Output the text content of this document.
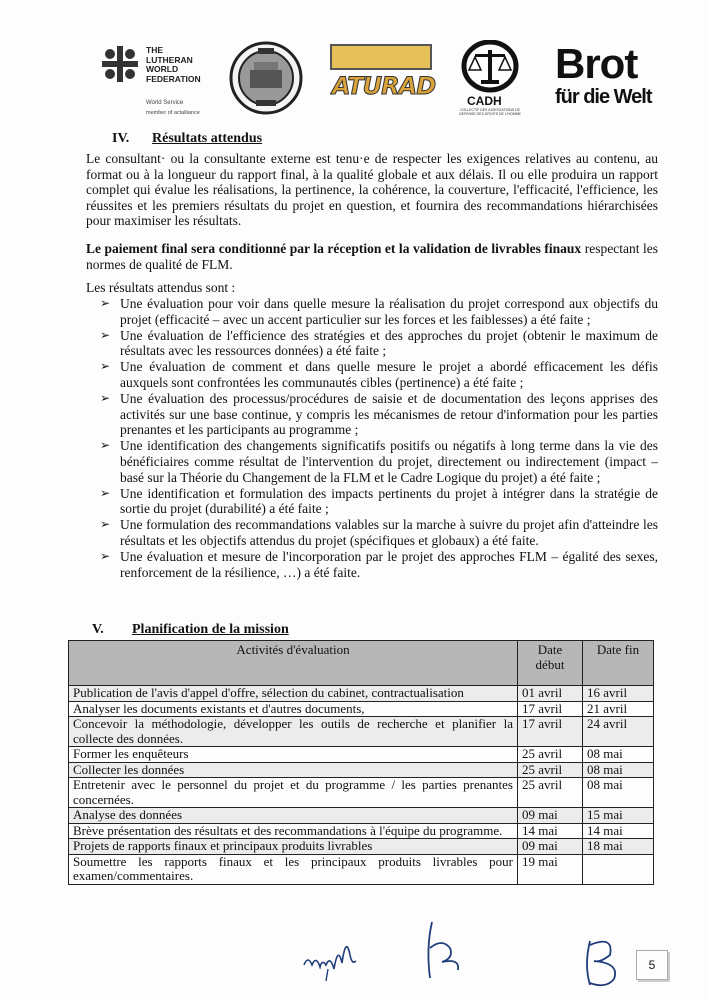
THE
LUTHERAN
WORLD
FEDERATION
World Service
member of actalliance
ATURAD
CADH
COLLECTIF DES ASSOCIATIONS DE DEFENSE DES DROITS DE L'HOMME
Brot
für die Welt
IV. Résultats attendus
Le consultant· ou la consultante externe est tenu·e de respecter les exigences relatives au contenu, au format ou à la longueur du rapport final, à la qualité globale et aux délais. Il ou elle produira un rapport complet qui évalue les réalisations, la pertinence, la cohérence, la couverture, l'efficacité, l'efficience, les réussites et les premiers résultats du projet en question, et fournira des recommandations hiérarchisées pour maximiser les résultats.
Le paiement final sera conditionné par la réception et la validation de livrables finaux respectant les normes de qualité de FLM.
Les résultats attendus sont :
➢ Une évaluation pour voir dans quelle mesure la réalisation du projet correspond aux objectifs du projet (efficacité – avec un accent particulier sur les forces et les faiblesses) a été faite ;
➢ Une évaluation de l'efficience des stratégies et des approches du projet (obtenir le maximum de résultats avec les ressources données) a été faite ;
➢ Une évaluation de comment et dans quelle mesure le projet a abordé efficacement les défis auxquels sont confrontées les communautés cibles (pertinence) a été faite ;
➢ Une évaluation des processus/procédures de saisie et de documentation des leçons apprises des activités sur une base continue, y compris les mécanismes de retour d'information pour les parties prenantes et les participants au programme ;
➢ Une identification des changements significatifs positifs ou négatifs à long terme dans la vie des bénéficiaires comme résultat de l'intervention du projet, directement ou indirectement (impact – basé sur la Théorie du Changement de la FLM et le Cadre Logique du projet) a été faite ;
➢ Une identification et formulation des impacts pertinents du projet à intégrer dans la stratégie de sortie du projet (durabilité) a été faite ;
➢ Une formulation des recommandations valables sur la marche à suivre du projet afin d'atteindre les résultats et les objectifs attendus du projet (spécifiques et globaux) a été faite.
➢ Une évaluation et mesure de l'incorporation par le projet des approches FLM – égalité des sexes, renforcement de la résilience, …) a été faite.
V. Planification de la mission
Activités d'évaluation	Date début	Date fin
Publication de l'avis d'appel d'offre, sélection du cabinet, contractualisation	01 avril	16 avril
Analyser les documents existants et d'autres documents,	17 avril	21 avril
Concevoir la méthodologie, développer les outils de recherche et planifier la collecte des données.	17 avril	24 avril
Former les enquêteurs	25 avril	08 mai
Collecter les données	25 avril	08 mai
Entretenir avec le personnel du projet et du programme / les parties prenantes concernées.	25 avril	08 mai
Analyse des données	09 mai	15 mai
Brève présentation des résultats et des recommandations à l'équipe du programme.	14 mai	14 mai
Projets de rapports finaux et principaux produits livrables	09 mai	18 mai
Soumettre les rapports finaux et les principaux produits livrables pour examen/commentaires.	19 mai	
5
